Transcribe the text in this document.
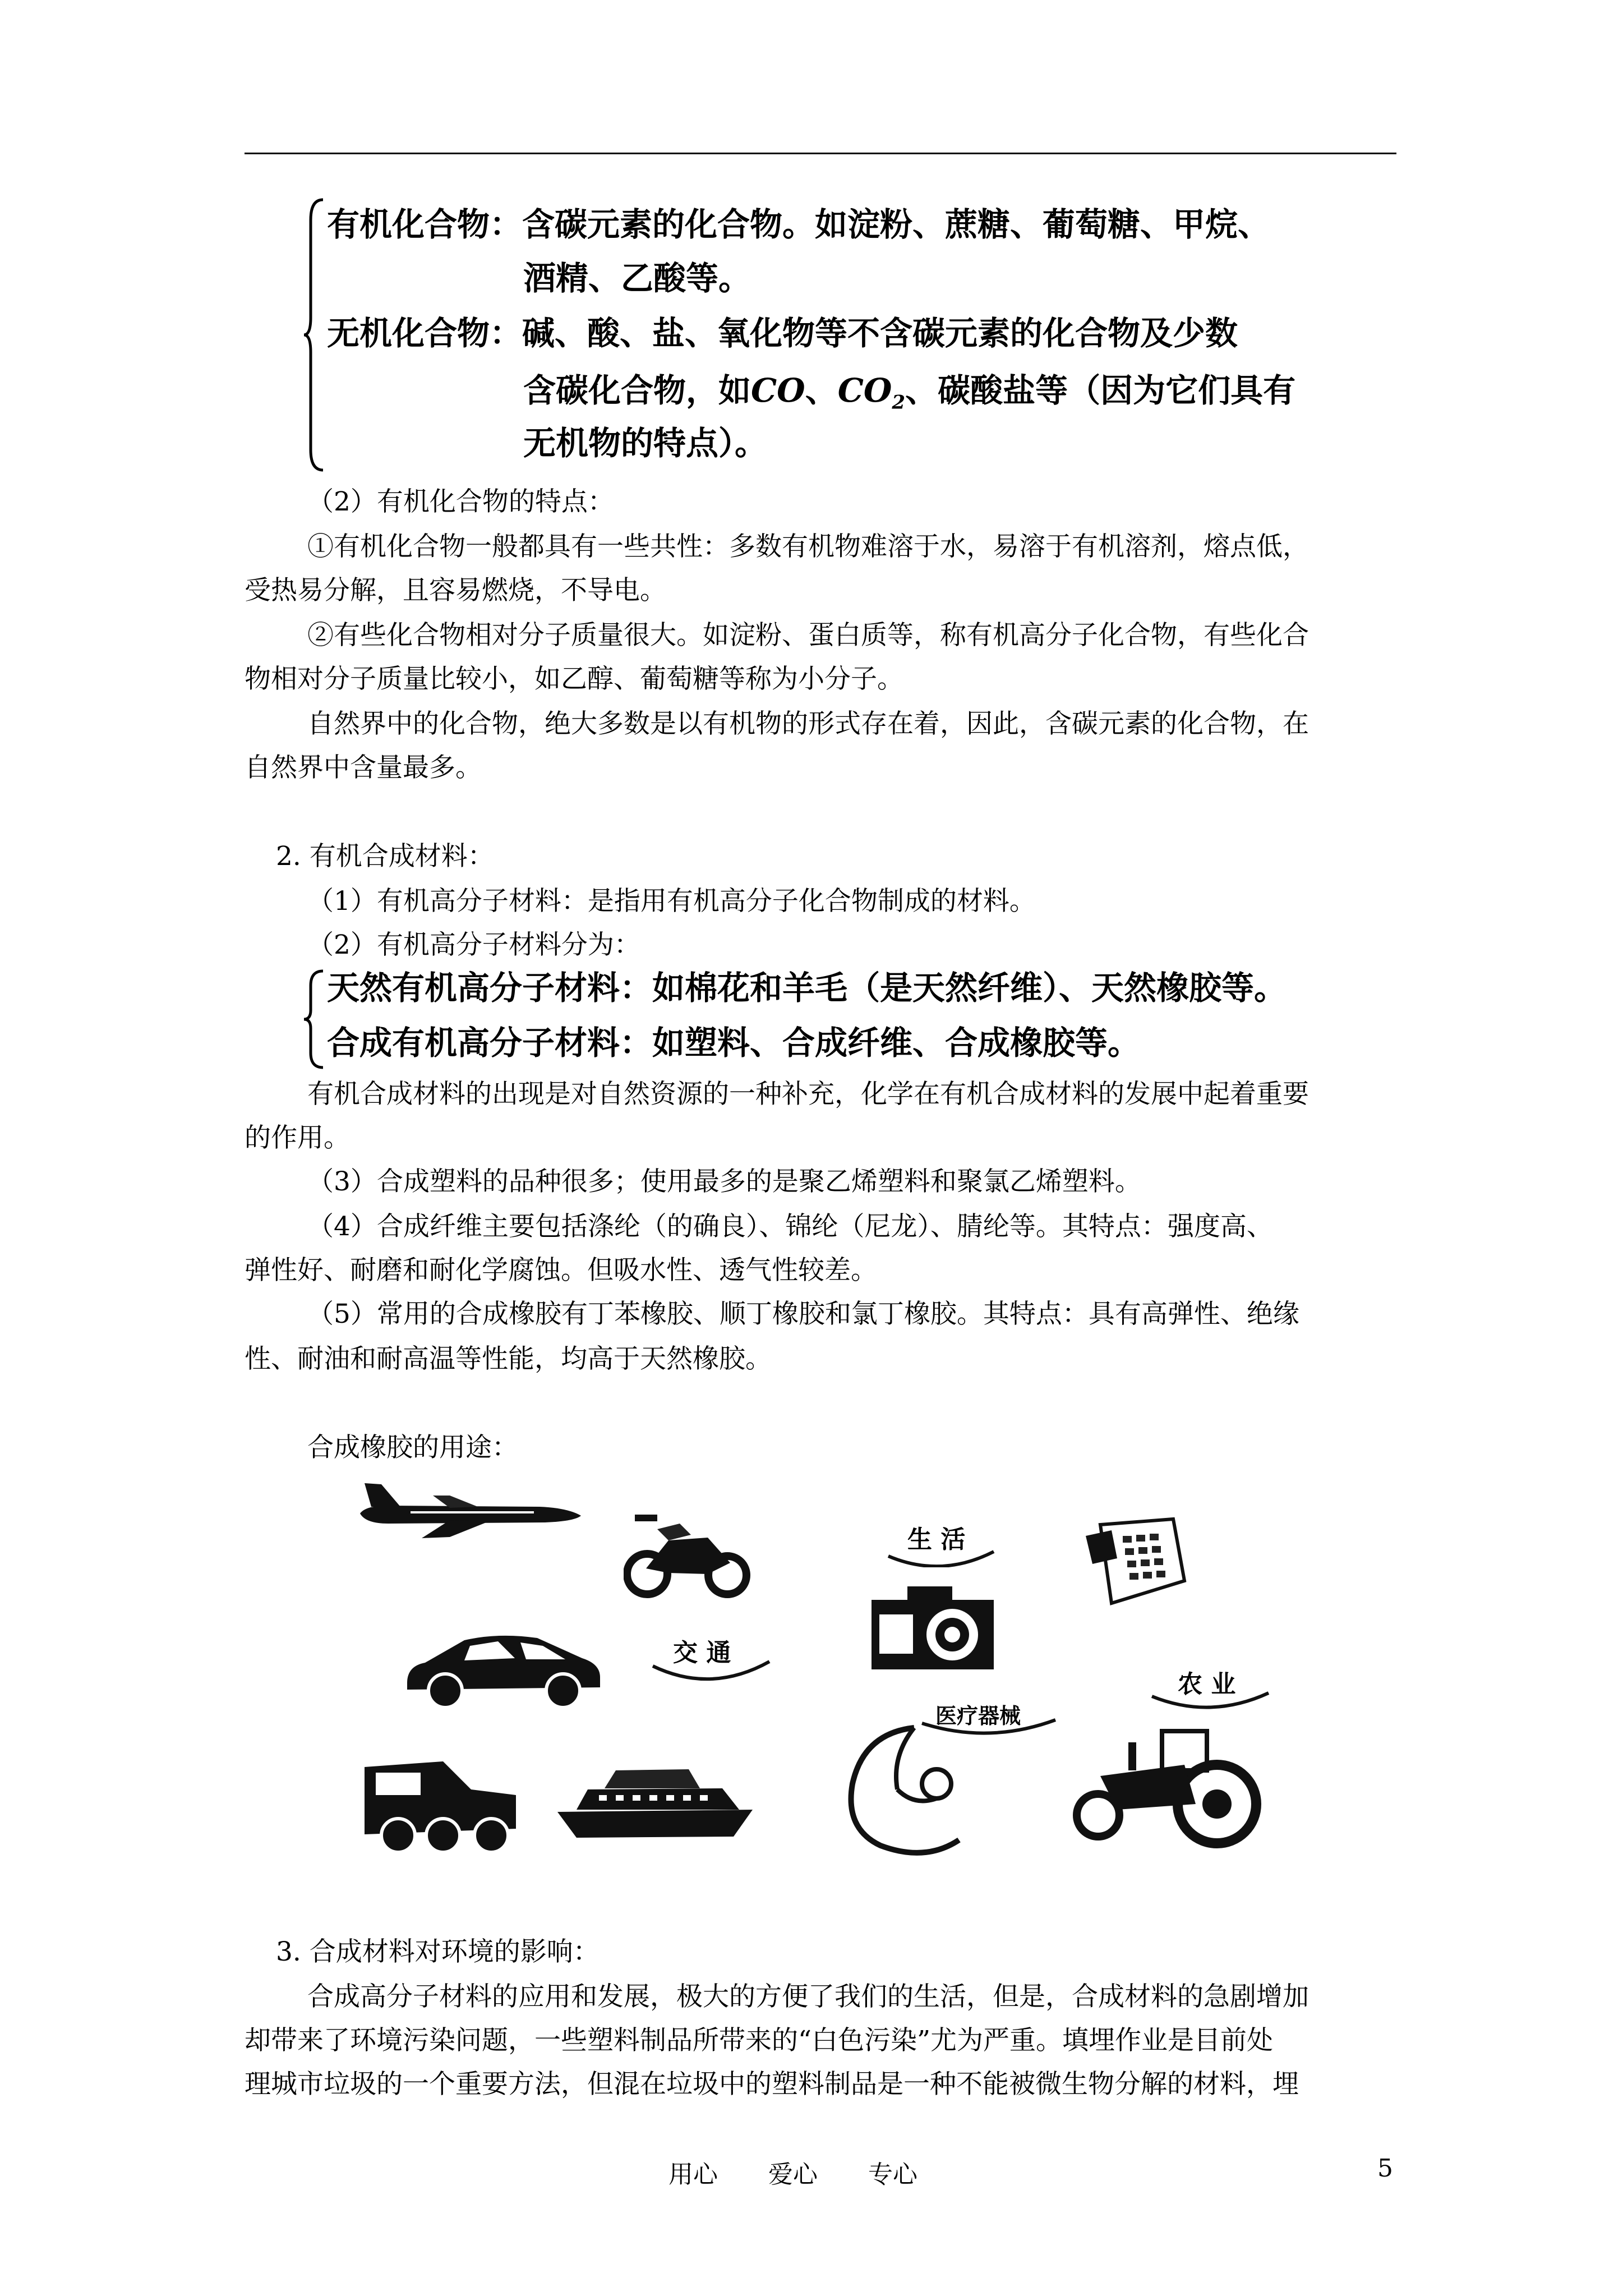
有机化合物：含碳元素的化合物。如淀粉、蔗糖、葡萄糖、甲烷、
酒精、乙酸等。
无机化合物：碱、酸、盐、氧化物等不含碳元素的化合物及少数
含碳化合物，如CO、$CO_2$、碳酸盐等（因为它们具有
无机物的特点）。
（2）有机化合物的特点：
①有机化合物一般都具有一些共性：多数有机物难溶于水，易溶于有机溶剂，熔点低，
受热易分解，且容易燃烧，不导电。
②有些化合物相对分子质量很大。如淀粉、蛋白质等，称有机高分子化合物，有些化合
物相对分子质量比较小，如乙醇、葡萄糖等称为小分子。
自然界中的化合物，绝大多数是以有机物的形式存在着，因此，含碳元素的化合物，在
自然界中含量最多。
2. 有机合成材料：
（1）有机高分子材料：是指用有机高分子化合物制成的材料。
（2）有机高分子材料分为：
天然有机高分子材料：如棉花和羊毛（是天然纤维）、天然橡胶等。
合成有机高分子材料：如塑料、合成纤维、合成橡胶等。
有机合成材料的出现是对自然资源的一种补充，化学在有机合成材料的发展中起着重要
的作用。
（3）合成塑料的品种很多；使用最多的是聚乙烯塑料和聚氯乙烯塑料。
（4）合成纤维主要包括涤纶（的确良）、锦纶（尼龙）、腈纶等。其特点：强度高、
弹性好、耐磨和耐化学腐蚀。但吸水性、透气性较差。
（5）常用的合成橡胶有丁苯橡胶、顺丁橡胶和氯丁橡胶。其特点：具有高弹性、绝缘
性、耐油和耐高温等性能，均高于天然橡胶。
合成橡胶的用途：
生 活
交 通
农 业
医疗器械
3. 合成材料对环境的影响：
合成高分子材料的应用和发展，极大的方便了我们的生活，但是，合成材料的急剧增加
却带来了环境污染问题，一些塑料制品所带来的“白色污染”尤为严重。填埋作业是目前处
理城市垃圾的一个重要方法，但混在垃圾中的塑料制品是一种不能被微生物分解的材料，埋
用心 爱心 专心	5
